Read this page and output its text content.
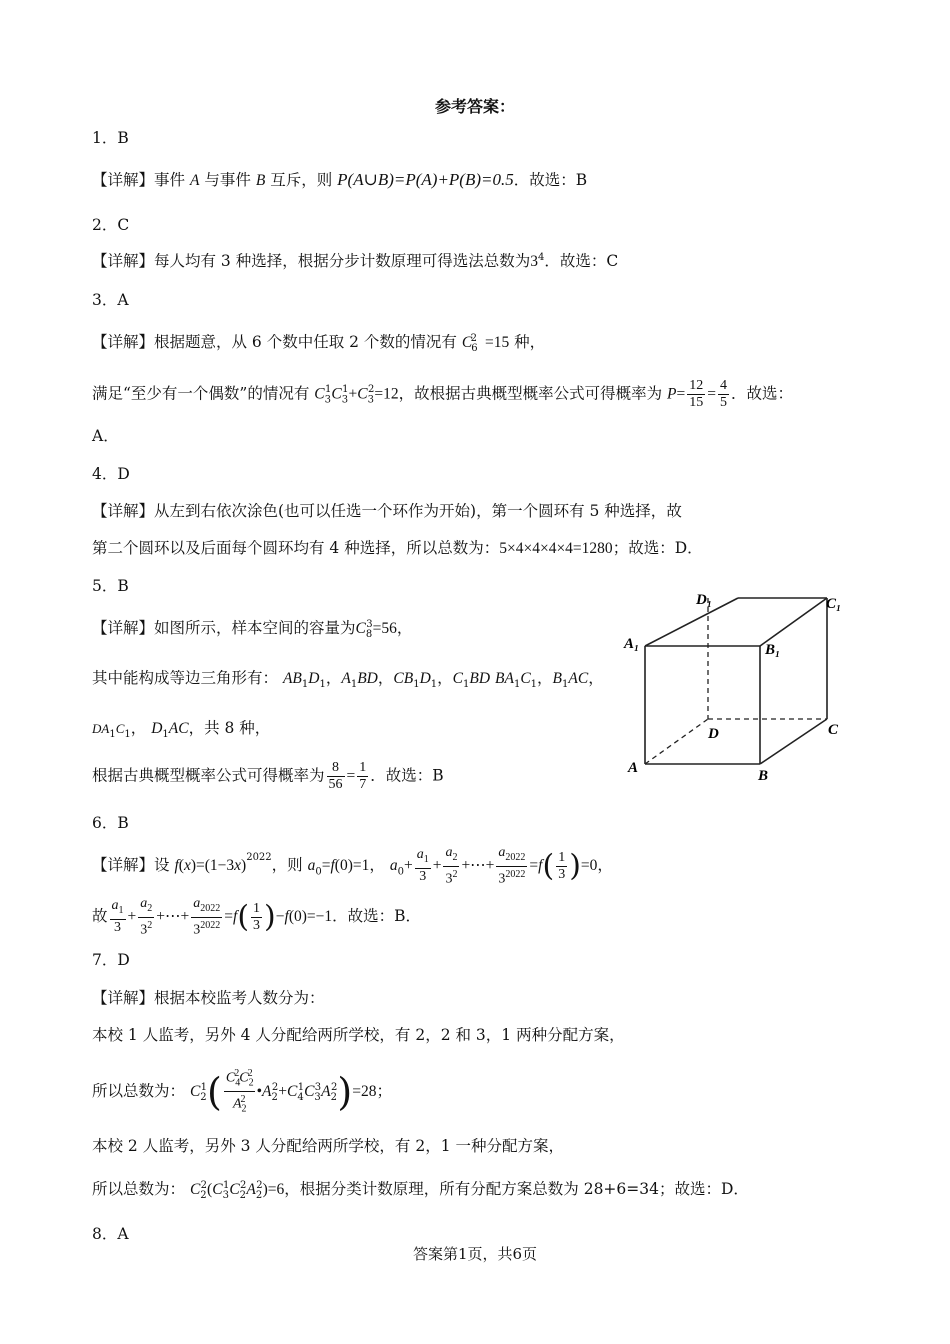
参考答案：
1．B
【详解】事件 A 与事件 B 互斥，则 P(A∪B)=P(A)+P(B)=0.5．故选：B
2．C
【详解】每人均有 3 种选择，根据分步计数原理可得选法总数为$3^4$．故选：C
3．A
【详解】根据题意，从 6 个数中任取 2 个数的情况有 $C_6^2 =15$ 种，
满足“至少有一个偶数”的情况有 $C_3^1C_3^1+C_3^2=12$，故根据古典概型概率公式可得概率为 $P= \frac{12}{15} = \frac{4}{5}$ ．故选：
A．
4．D
【详解】从左到右依次涂色(也可以任选一个环作为开始)，第一个圆环有 5 种选择，故
第二个圆环以及后面每个圆环均有 4 种选择，所以总数为：5×4×4×4×4=1280；故选：D．
5．B
【详解】如图所示，样本空间的容量为$C_8^3=56$，
其中能构成等边三角形有： $AB_1D_1$，$A_1BD$，$CB_1D_1$，$C_1BD$ $BA_1C_1$，$B_1AC$，
$DA_1C_1$， $D_1AC$，共 8 种，
根据古典概型概率公式可得概率为 $\frac{8}{56} = \frac{1}{7}$ ．故选：B
D₁	C₁
A₁	B₁
D	C
A	B
6．B
【详解】设 $f(x)=(1-3x)^{2022}$，则 $a_0=f(0)=1$， $a_0+ \frac{a_1}{3} + \frac{a_2}{3^2}$ +⋯+ $\frac{a_{2022}}{3^{2022}} =f( \frac{1}{3} )=0$，
故 $\frac{a_1}{3} + \frac{a_2}{3^2}$ +⋯+ $\frac{a_{2022}}{3^{2022}} =f( \frac{1}{3} )-f(0)=-1$．故选：B．
7．D
【详解】根据本校监考人数分为：
本校 1 人监考，另外 4 人分配给两所学校，有 2，2 和 3，1 两种分配方案，
所以总数为： $C_2^1( \frac{C_4^2C_2^2}{A_2^2}$ $•A_2^2+C_4^1C_3^3A_2^2)=28$；
本校 2 人监考，另外 3 人分配给两所学校，有 2，1 一种分配方案，
所以总数为： $C_2^2(C_3^1C_2^2A_2^2)=6$，根据分类计数原理，所有分配方案总数为 28+6=34；故选：D．
8．A
答案第1页，共6页
